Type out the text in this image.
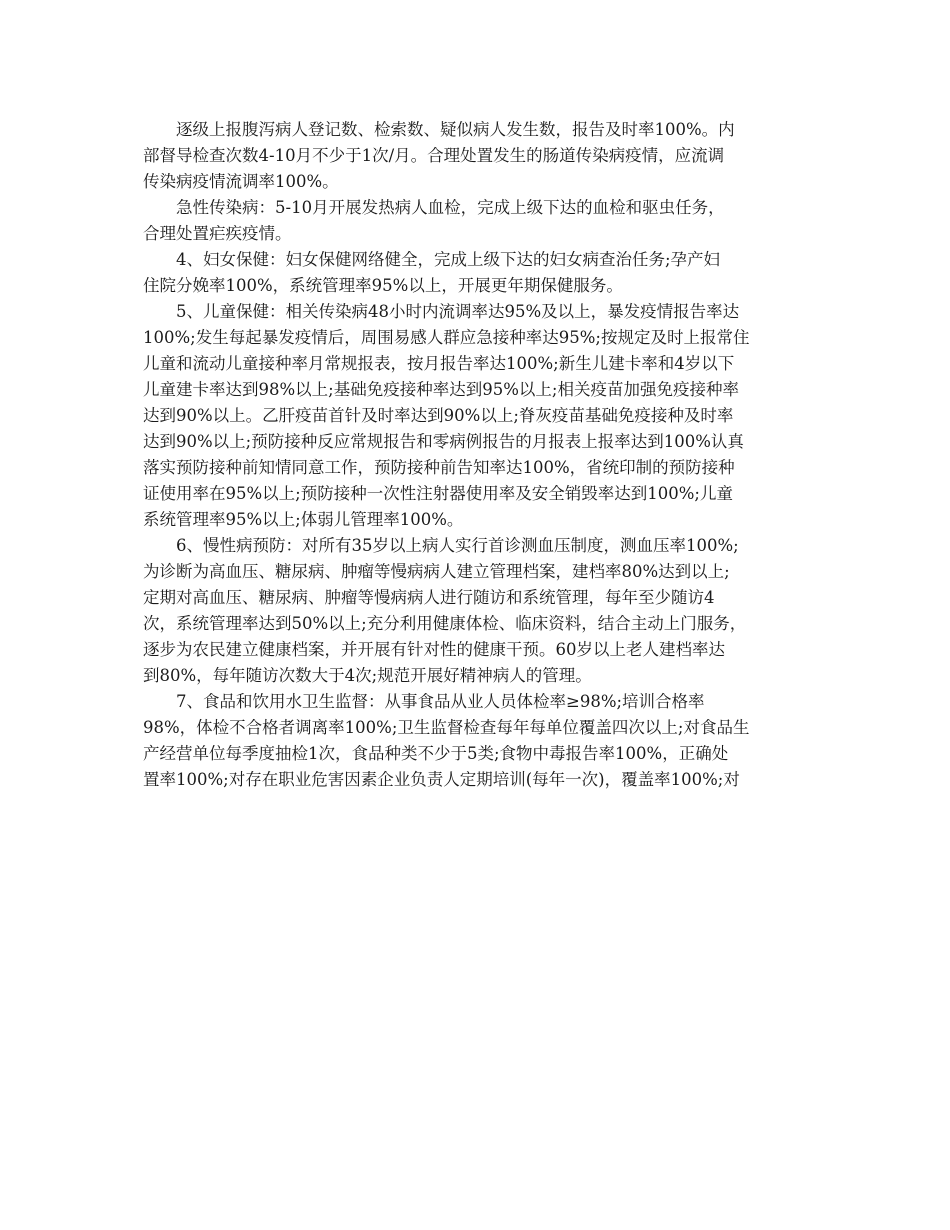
　　逐级上报腹泻病人登记数、检索数、疑似病人发生数，报告及时率100%。内
部督导检查次数4-10月不少于1次/月。合理处置发生的肠道传染病疫情，应流调
传染病疫情流调率100%。
　　急性传染病：5-10月开展发热病人血检，完成上级下达的血检和驱虫任务，
合理处置疟疾疫情。
　　4、妇女保健：妇女保健网络健全，完成上级下达的妇女病查治任务;孕产妇
住院分娩率100%，系统管理率95%以上，开展更年期保健服务。
　　5、儿童保健：相关传染病48小时内流调率达95%及以上，暴发疫情报告率达
100%;发生每起暴发疫情后，周围易感人群应急接种率达95%;按规定及时上报常住
儿童和流动儿童接种率月常规报表，按月报告率达100%;新生儿建卡率和4岁以下
儿童建卡率达到98%以上;基础免疫接种率达到95%以上;相关疫苗加强免疫接种率
达到90%以上。乙肝疫苗首针及时率达到90%以上;脊灰疫苗基础免疫接种及时率
达到90%以上;预防接种反应常规报告和零病例报告的月报表上报率达到100%认真
落实预防接种前知情同意工作，预防接种前告知率达100%，省统印制的预防接种
证使用率在95%以上;预防接种一次性注射器使用率及安全销毁率达到100%;儿童
系统管理率95%以上;体弱儿管理率100%。
　　6、慢性病预防：对所有35岁以上病人实行首诊测血压制度，测血压率100%;
为诊断为高血压、糖尿病、肿瘤等慢病病人建立管理档案，建档率80%达到以上;
定期对高血压、糖尿病、肿瘤等慢病病人进行随访和系统管理，每年至少随访4
次，系统管理率达到50%以上;充分利用健康体检、临床资料，结合主动上门服务，
逐步为农民建立健康档案，并开展有针对性的健康干预。60岁以上老人建档率达
到80%，每年随访次数大于4次;规范开展好精神病人的管理。
　　7、食品和饮用水卫生监督：从事食品从业人员体检率≥98%;培训合格率
98%，体检不合格者调离率100%;卫生监督检查每年每单位覆盖四次以上;对食品生
产经营单位每季度抽检1次，食品种类不少于5类;食物中毒报告率100%，正确处
置率100%;对存在职业危害因素企业负责人定期培训(每年一次)，覆盖率100%;对
